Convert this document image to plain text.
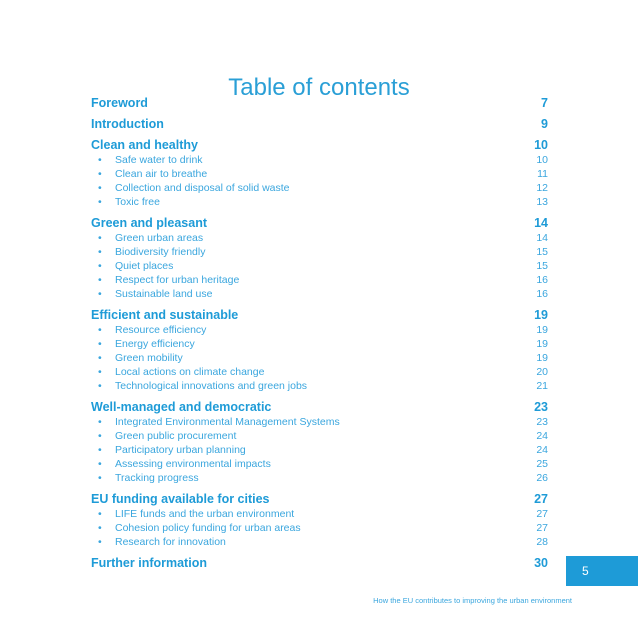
Table of contents
Foreword	7
Introduction	9
Clean and healthy	10
•	Safe water to drink	10
•	Clean air to breathe	11
•	Collection and disposal of solid waste	12
•	Toxic free	13
Green and pleasant	14
•	Green urban areas	14
•	Biodiversity friendly	15
•	Quiet places	15
•	Respect for urban heritage	16
•	Sustainable land use	16
Efficient and sustainable	19
•	Resource efficiency	19
•	Energy efficiency	19
•	Green mobility	19
•	Local actions on climate change	20
•	Technological innovations and green jobs	21
Well-managed and democratic	23
•	Integrated Environmental Management Systems	23
•	Green public procurement	24
•	Participatory urban planning	24
•	Assessing environmental impacts	25
•	Tracking progress	26
EU funding available for cities	27
•	LIFE funds and the urban environment	27
•	Cohesion policy funding for urban areas	27
•	Research for innovation	28
Further information	30
5
How the EU contributes to improving the urban environment
